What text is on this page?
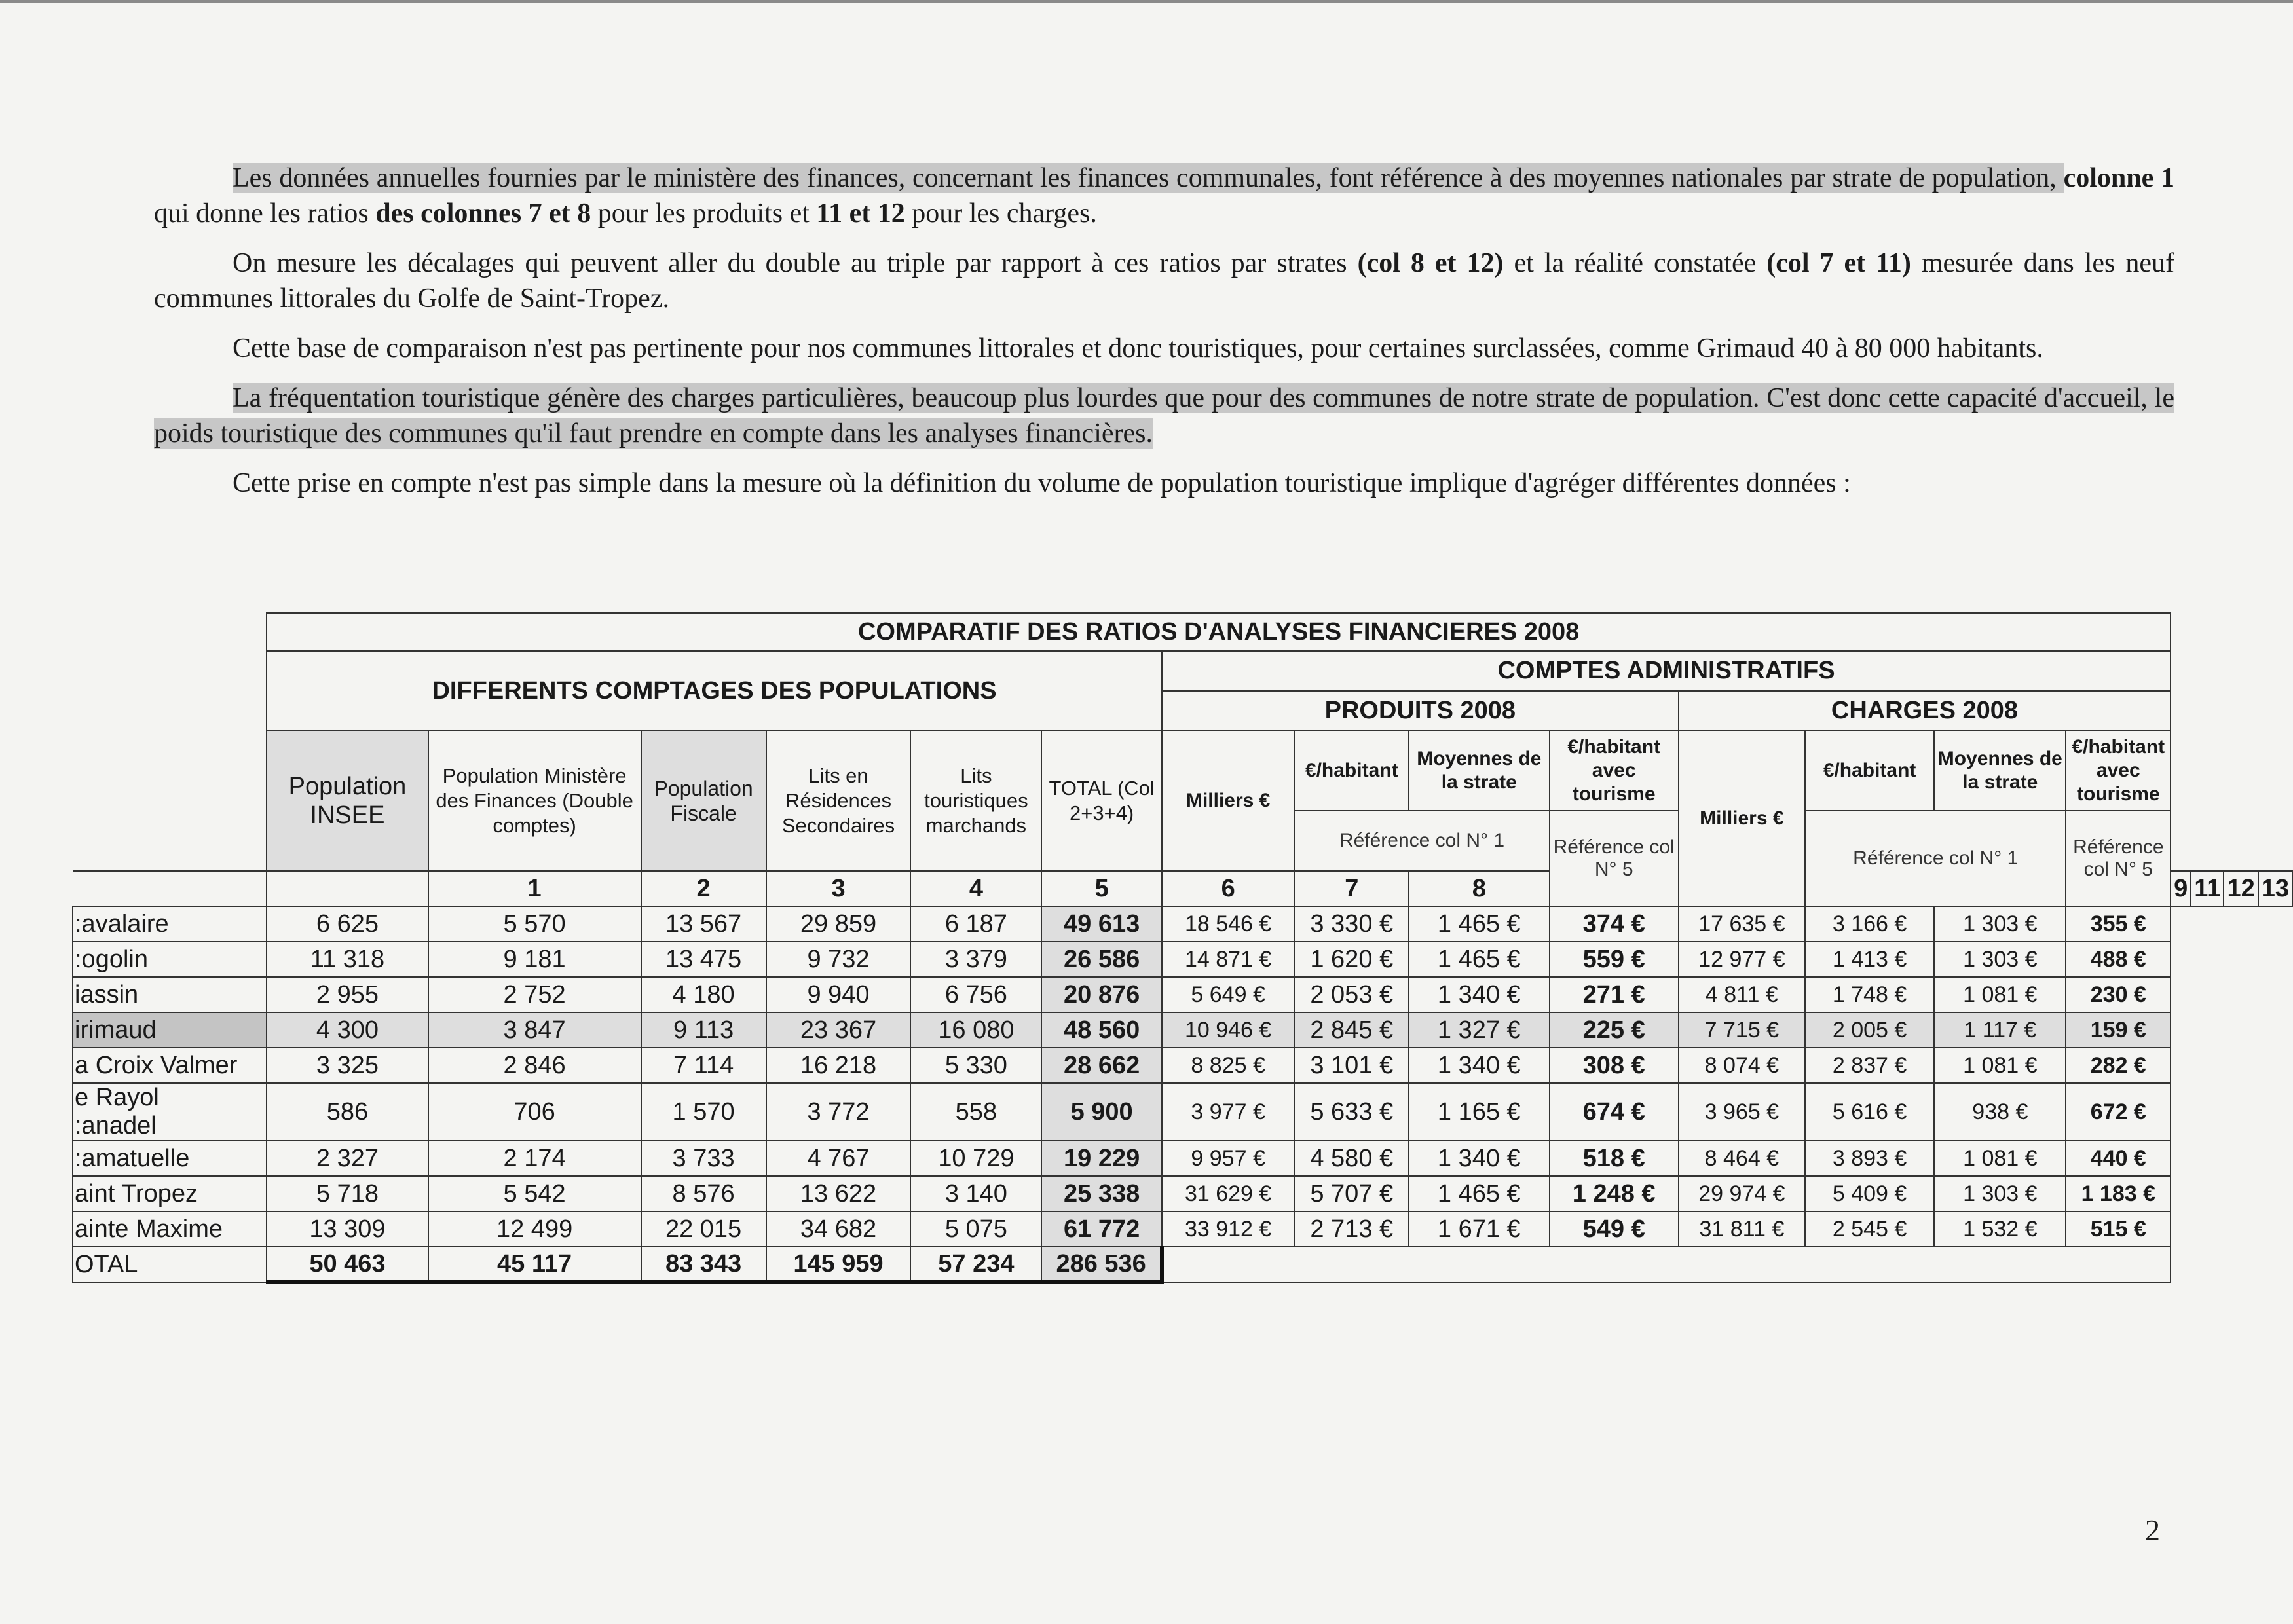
Les données annuelles fournies par le ministère des finances, concernant les finances communales, font référence à des moyennes nationales par strate de population, colonne 1 qui donne les ratios des colonnes 7 et 8 pour les produits et 11 et 12 pour les charges.

On mesure les décalages qui peuvent aller du double au triple par rapport à ces ratios par strates (col 8 et 12) et la réalité constatée (col 7 et 11) mesurée dans les neuf communes littorales du Golfe de Saint-Tropez.

Cette base de comparaison n'est pas pertinente pour nos communes littorales et donc touristiques, pour certaines surclassées, comme Grimaud 40 à 80 000 habitants.

La fréquentation touristique génère des charges particulières, beaucoup plus lourdes que pour des communes de notre strate de population. C'est donc cette capacité d'accueil, le poids touristique des communes qu'il faut prendre en compte dans les analyses financières.

Cette prise en compte n'est pas simple dans la mesure où la définition du volume de population touristique implique d'agréger différentes données :

	COMPARATIF DES RATIOS D'ANALYSES FINANCIERES 2008																	
	DIFFERENTS COMPTAGES DES POPULATIONS						COMPTES ADMINISTRATIFS											
							PRODUITS 2008				CHARGES 2008							
	Population INSEE	Population Ministère des Finances (Double comptes)	Population Fiscale	Lits en Résidences Secondaires	Lits touristiques marchands	TOTAL (Col 2+3+4)	Milliers €	€/habitant	Moyennes de la strate	€/habitant avec tourisme	Milliers €	€/habitant	Moyennes de la strate	€/habitant avec tourisme				
								Référence col N° 1		Référence col N° 5		Référence col N° 1		Référence col N° 5				
		1	2	3	4	5	6	7	8						9	11	12	13
:avalaire	6 625	5 570	13 567	29 859	6 187	49 613	18 546 €	3 330 €	1 465 €	374 €	17 635 €	3 166 €	1 303 €	355 €				
:ogolin	11 318	9 181	13 475	9 732	3 379	26 586	14 871 €	1 620 €	1 465 €	559 €	12 977 €	1 413 €	1 303 €	488 €				
iassin	2 955	2 752	4 180	9 940	6 756	20 876	5 649 €	2 053 €	1 340 €	271 €	4 811 €	1 748 €	1 081 €	230 €				
irimaud	4 300	3 847	9 113	23 367	16 080	48 560	10 946 €	2 845 €	1 327 €	225 €	7 715 €	2 005 €	1 117 €	159 €				
a Croix Valmer	3 325	2 846	7 114	16 218	5 330	28 662	8 825 €	3 101 €	1 340 €	308 €	8 074 €	2 837 €	1 081 €	282 €				
e Rayol
:anadel	586	706	1 570	3 772	558	5 900	3 977 €	5 633 €	1 165 €	674 €	3 965 €	5 616 €	938 €	672 €				
:amatuelle	2 327	2 174	3 733	4 767	10 729	19 229	9 957 €	4 580 €	1 340 €	518 €	8 464 €	3 893 €	1 081 €	440 €				
aint Tropez	5 718	5 542	8 576	13 622	3 140	25 338	31 629 €	5 707 €	1 465 €	1 248 €	29 974 €	5 409 €	1 303 €	1 183 €				
ainte Maxime	13 309	12 499	22 015	34 682	5 075	61 772	33 912 €	2 713 €	1 671 €	549 €	31 811 €	2 545 €	1 532 €	515 €				
OTAL	50 463	45 117	83 343	145 959	57 234	286 536												
2
